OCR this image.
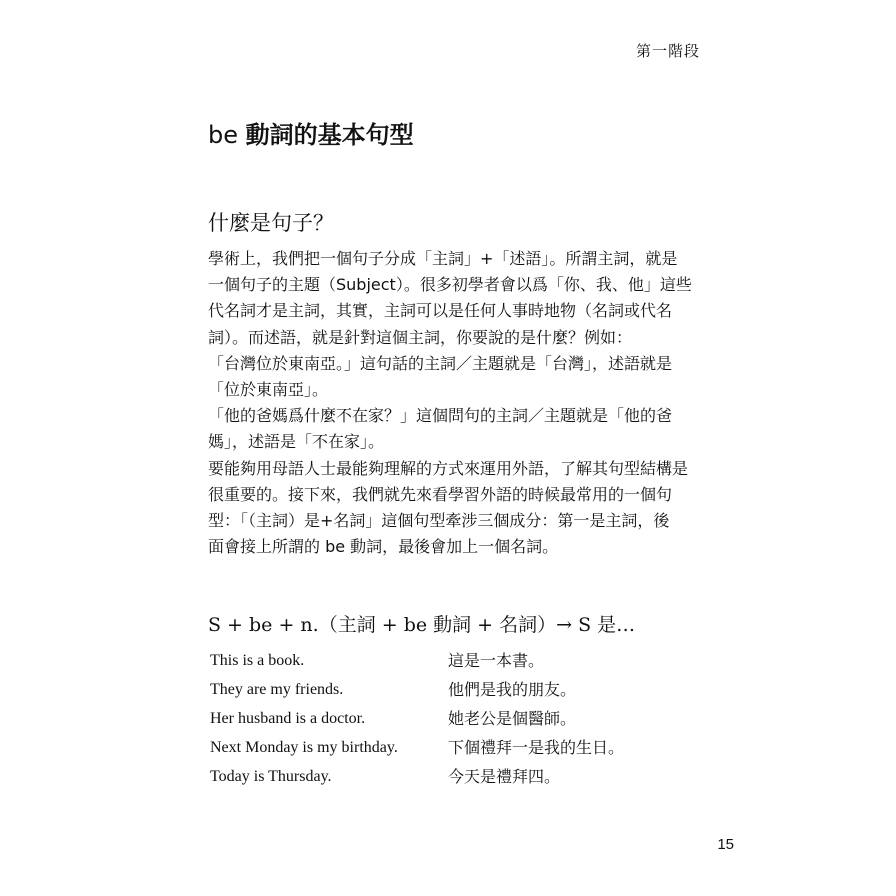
第一階段
be 動詞的基本句型
什麼是句子？
學術上，我們把一個句子分成「主詞」+「述語」。所謂主詞，就是
一個句子的主題（Subject）。很多初學者會以爲「你、我、他」這些
代名詞才是主詞，其實，主詞可以是任何人事時地物（名詞或代名
詞）。而述語，就是針對這個主詞，你要說的是什麼？例如：
「台灣位於東南亞。」這句話的主詞／主題就是「台灣」，述語就是
「位於東南亞」。
「他的爸媽爲什麼不在家？」這個問句的主詞／主題就是「他的爸
媽」，述語是「不在家」。
要能夠用母語人士最能夠理解的方式來運用外語，了解其句型結構是
很重要的。接下來，我們就先來看學習外語的時候最常用的一個句
型：「（主詞）是+名詞」這個句型牽涉三個成分：第一是主詞，後
面會接上所謂的 be 動詞，最後會加上一個名詞。
S + be + n.（主詞 + be 動詞 + 名詞）→ S 是…
This is a book.	這是一本書。
They are my friends.	他們是我的朋友。
Her husband is a doctor.	她老公是個醫師。
Next Monday is my birthday.	下個禮拜一是我的生日。
Today is Thursday.	今天是禮拜四。
15
